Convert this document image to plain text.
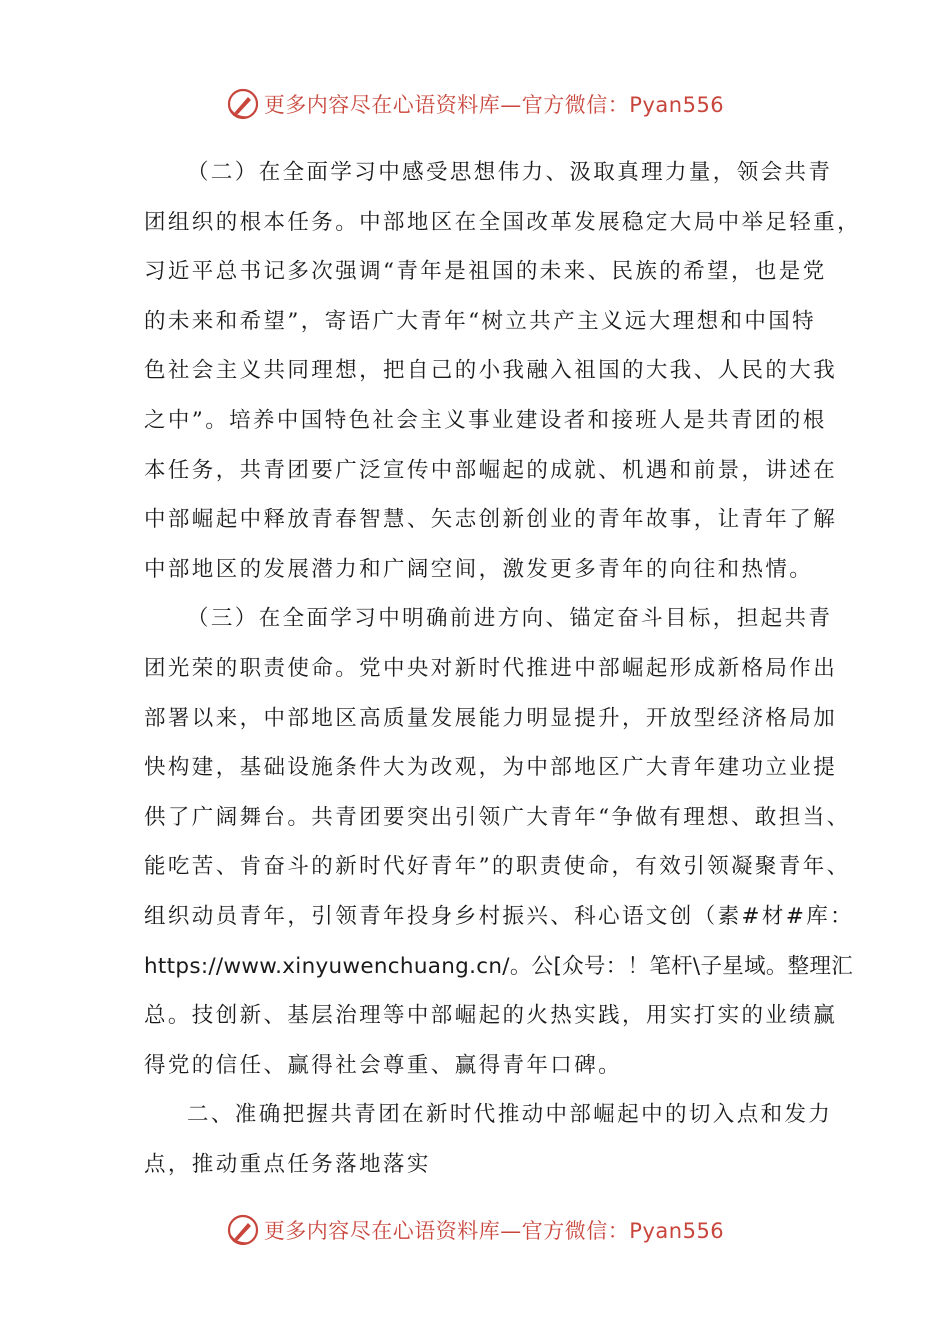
更多内容尽在心语资料库—官方微信：Pyan556
（二）在全面学习中感受思想伟力、汲取真理力量，领会共青
团组织的根本任务。中部地区在全国改革发展稳定大局中举足轻重，
习近平总书记多次强调“青年是祖国的未来、民族的希望，也是党
的未来和希望”，寄语广大青年“树立共产主义远大理想和中国特
色社会主义共同理想，把自己的小我融入祖国的大我、人民的大我
之中”。培养中国特色社会主义事业建设者和接班人是共青团的根
本任务，共青团要广泛宣传中部崛起的成就、机遇和前景，讲述在
中部崛起中释放青春智慧、矢志创新创业的青年故事，让青年了解
中部地区的发展潜力和广阔空间，激发更多青年的向往和热情。
（三）在全面学习中明确前进方向、锚定奋斗目标，担起共青
团光荣的职责使命。党中央对新时代推进中部崛起形成新格局作出
部署以来，中部地区高质量发展能力明显提升，开放型经济格局加
快构建，基础设施条件大为改观，为中部地区广大青年建功立业提
供了广阔舞台。共青团要突出引领广大青年“争做有理想、敢担当、
能吃苦、肯奋斗的新时代好青年”的职责使命，有效引领凝聚青年、
组织动员青年，引领青年投身乡村振兴、科心语文创（素#材#库：
https://www.xinyuwenchuang.cn/。公[众号：！笔杆\子星域。整理汇
总。技创新、基层治理等中部崛起的火热实践，用实打实的业绩赢
得党的信任、赢得社会尊重、赢得青年口碑。
二、准确把握共青团在新时代推动中部崛起中的切入点和发力
点，推动重点任务落地落实
更多内容尽在心语资料库—官方微信：Pyan556
